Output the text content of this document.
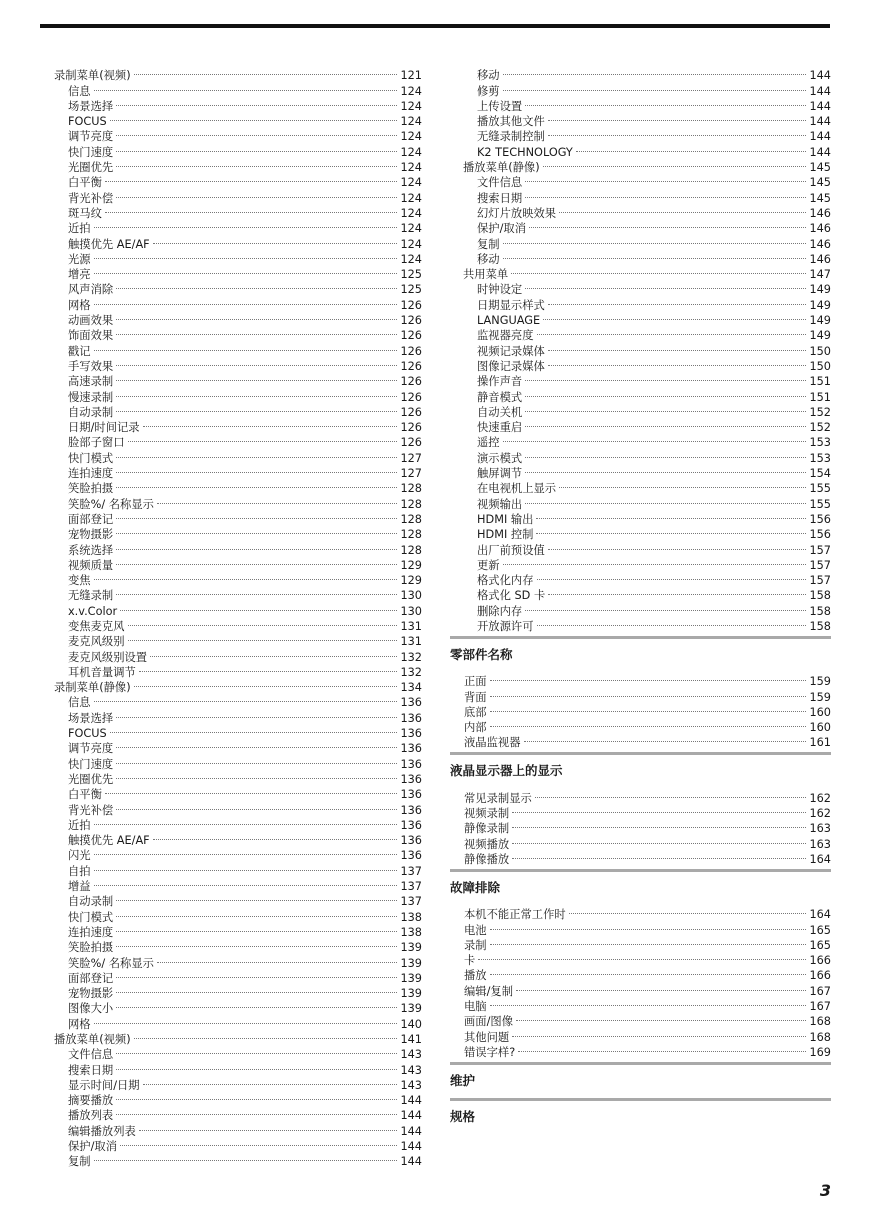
录制菜单(视频)	121
信息	124
场景选择	124
FOCUS	124
调节亮度	124
快门速度	124
光圈优先	124
白平衡	124
背光补偿	124
斑马纹	124
近拍	124
触摸优先 AE/AF	124
光源	124
增亮	125
风声消除	125
网格	126
动画效果	126
饰面效果	126
戳记	126
手写效果	126
高速录制	126
慢速录制	126
自动录制	126
日期/时间记录	126
脸部子窗口	126
快门模式	127
连拍速度	127
笑脸拍摄	128
笑脸%/ 名称显示	128
面部登记	128
宠物摄影	128
系统选择	128
视频质量	129
变焦	129
无缝录制	130
x.v.Color	130
变焦麦克风	131
麦克风级别	131
麦克风级别设置	132
耳机音量调节	132
录制菜单(静像)	134
信息	136
场景选择	136
FOCUS	136
调节亮度	136
快门速度	136
光圈优先	136
白平衡	136
背光补偿	136
近拍	136
触摸优先 AE/AF	136
闪光	136
自拍	137
增益	137
自动录制	137
快门模式	138
连拍速度	138
笑脸拍摄	139
笑脸%/ 名称显示	139
面部登记	139
宠物摄影	139
图像大小	139
网格	140
播放菜单(视频)	141
文件信息	143
搜索日期	143
显示时间/日期	143
摘要播放	144
播放列表	144
编辑播放列表	144
保护/取消	144
复制	144
移动	144
修剪	144
上传设置	144
播放其他文件	144
无缝录制控制	144
K2 TECHNOLOGY	144
播放菜单(静像)	145
文件信息	145
搜索日期	145
幻灯片放映效果	146
保护/取消	146
复制	146
移动	146
共用菜单	147
时钟设定	149
日期显示样式	149
LANGUAGE	149
监视器亮度	149
视频记录媒体	150
图像记录媒体	150
操作声音	151
静音模式	151
自动关机	152
快速重启	152
遥控	153
演示模式	153
触屏调节	154
在电视机上显示	155
视频输出	155
HDMI 输出	156
HDMI 控制	156
出厂前预设值	157
更新	157
格式化内存	157
格式化 SD 卡	158
删除内存	158
开放源许可	158
零部件名称
正面	159
背面	159
底部	160
内部	160
液晶监视器	161
液晶显示器上的显示
常见录制显示	162
视频录制	162
静像录制	163
视频播放	163
静像播放	164
故障排除
本机不能正常工作时	164
电池	165
录制	165
卡	166
播放	166
编辑/复制	167
电脑	167
画面/图像	168
其他问题	168
错误字样?	169
维护
规格
3
